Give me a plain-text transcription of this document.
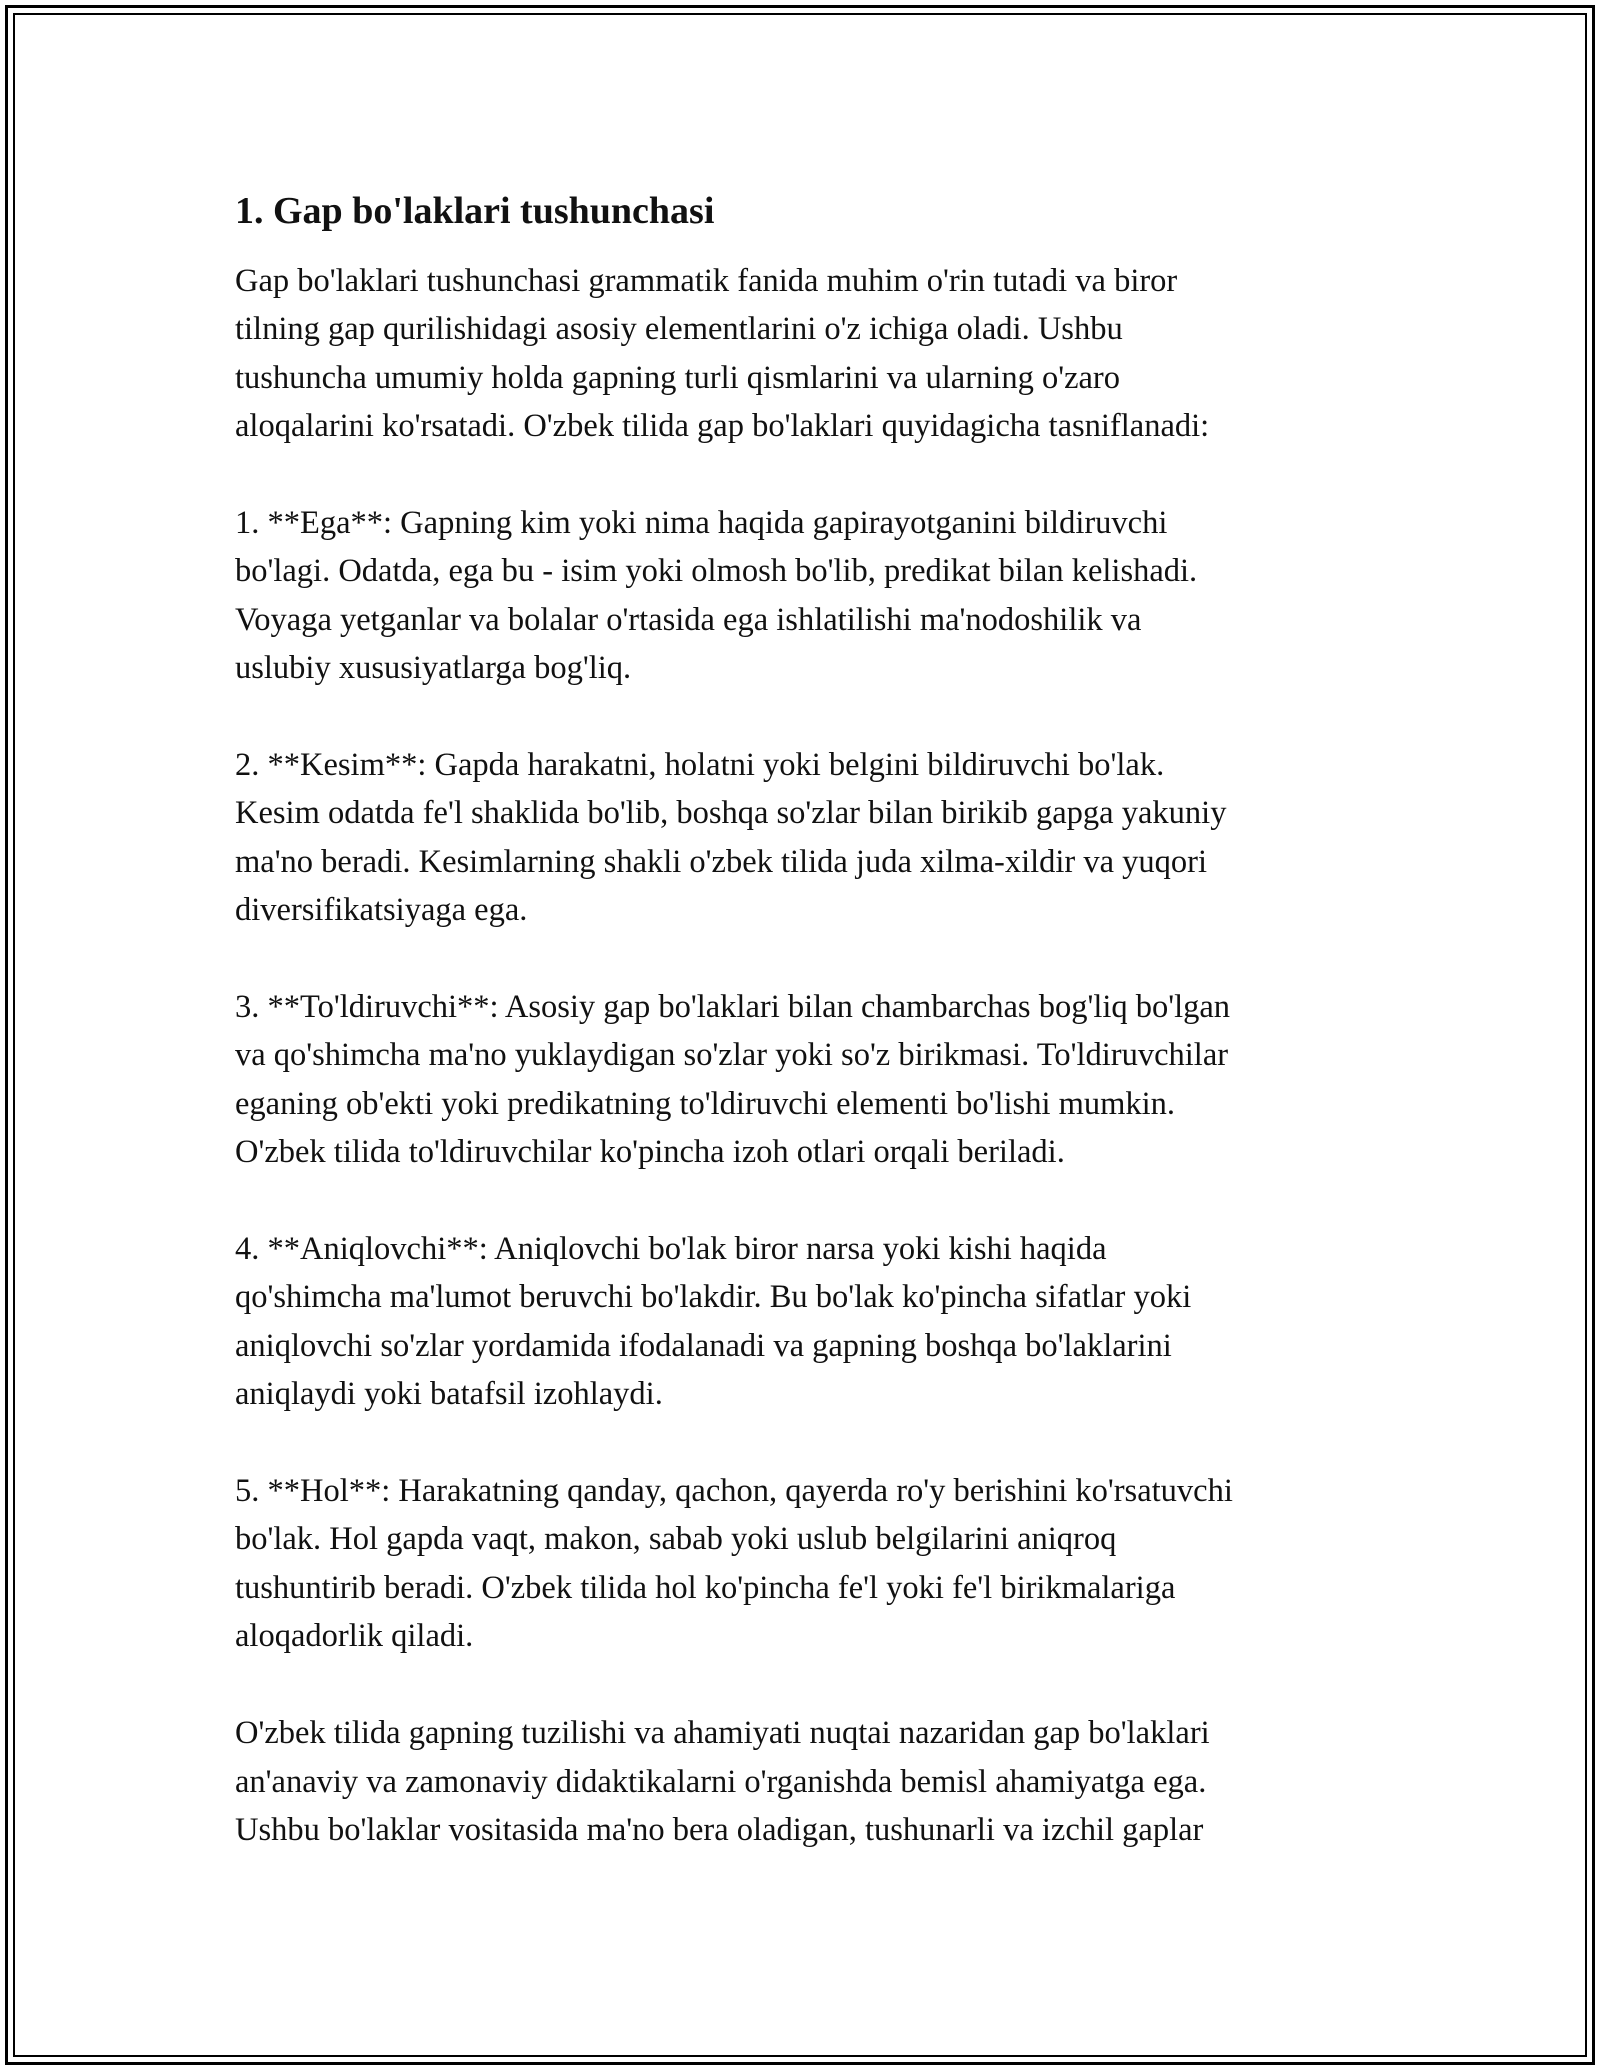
1. Gap bo'laklari tushunchasi

Gap bo'laklari tushunchasi grammatik fanida muhim o'rin tutadi va biror
tilning gap qurilishidagi asosiy elementlarini o'z ichiga oladi. Ushbu
tushuncha umumiy holda gapning turli qismlarini va ularning o'zaro
aloqalarini ko'rsatadi. O'zbek tilida gap bo'laklari quyidagicha tasniflanadi:

1. **Ega**: Gapning kim yoki nima haqida gapirayotganini bildiruvchi
bo'lagi. Odatda, ega bu - isim yoki olmosh bo'lib, predikat bilan kelishadi.
Voyaga yetganlar va bolalar o'rtasida ega ishlatilishi ma'nodoshilik va
uslubiy xususiyatlarga bog'liq.

2. **Kesim**: Gapda harakatni, holatni yoki belgini bildiruvchi bo'lak.
Kesim odatda fe'l shaklida bo'lib, boshqa so'zlar bilan birikib gapga yakuniy
ma'no beradi. Kesimlarning shakli o'zbek tilida juda xilma-xildir va yuqori
diversifikatsiyaga ega.

3. **To'ldiruvchi**: Asosiy gap bo'laklari bilan chambarchas bog'liq bo'lgan
va qo'shimcha ma'no yuklaydigan so'zlar yoki so'z birikmasi. To'ldiruvchilar
eganing ob'ekti yoki predikatning to'ldiruvchi elementi bo'lishi mumkin.
O'zbek tilida to'ldiruvchilar ko'pincha izoh otlari orqali beriladi.

4. **Aniqlovchi**: Aniqlovchi bo'lak biror narsa yoki kishi haqida
qo'shimcha ma'lumot beruvchi bo'lakdir. Bu bo'lak ko'pincha sifatlar yoki
aniqlovchi so'zlar yordamida ifodalanadi va gapning boshqa bo'laklarini
aniqlaydi yoki batafsil izohlaydi.

5. **Hol**: Harakatning qanday, qachon, qayerda ro'y berishini ko'rsatuvchi
bo'lak. Hol gapda vaqt, makon, sabab yoki uslub belgilarini aniqroq
tushuntirib beradi. O'zbek tilida hol ko'pincha fe'l yoki fe'l birikmalariga
aloqadorlik qiladi.

O'zbek tilida gapning tuzilishi va ahamiyati nuqtai nazaridan gap bo'laklari
an'anaviy va zamonaviy didaktikalarni o'rganishda bemisl ahamiyatga ega.
Ushbu bo'laklar vositasida ma'no bera oladigan, tushunarli va izchil gaplar
